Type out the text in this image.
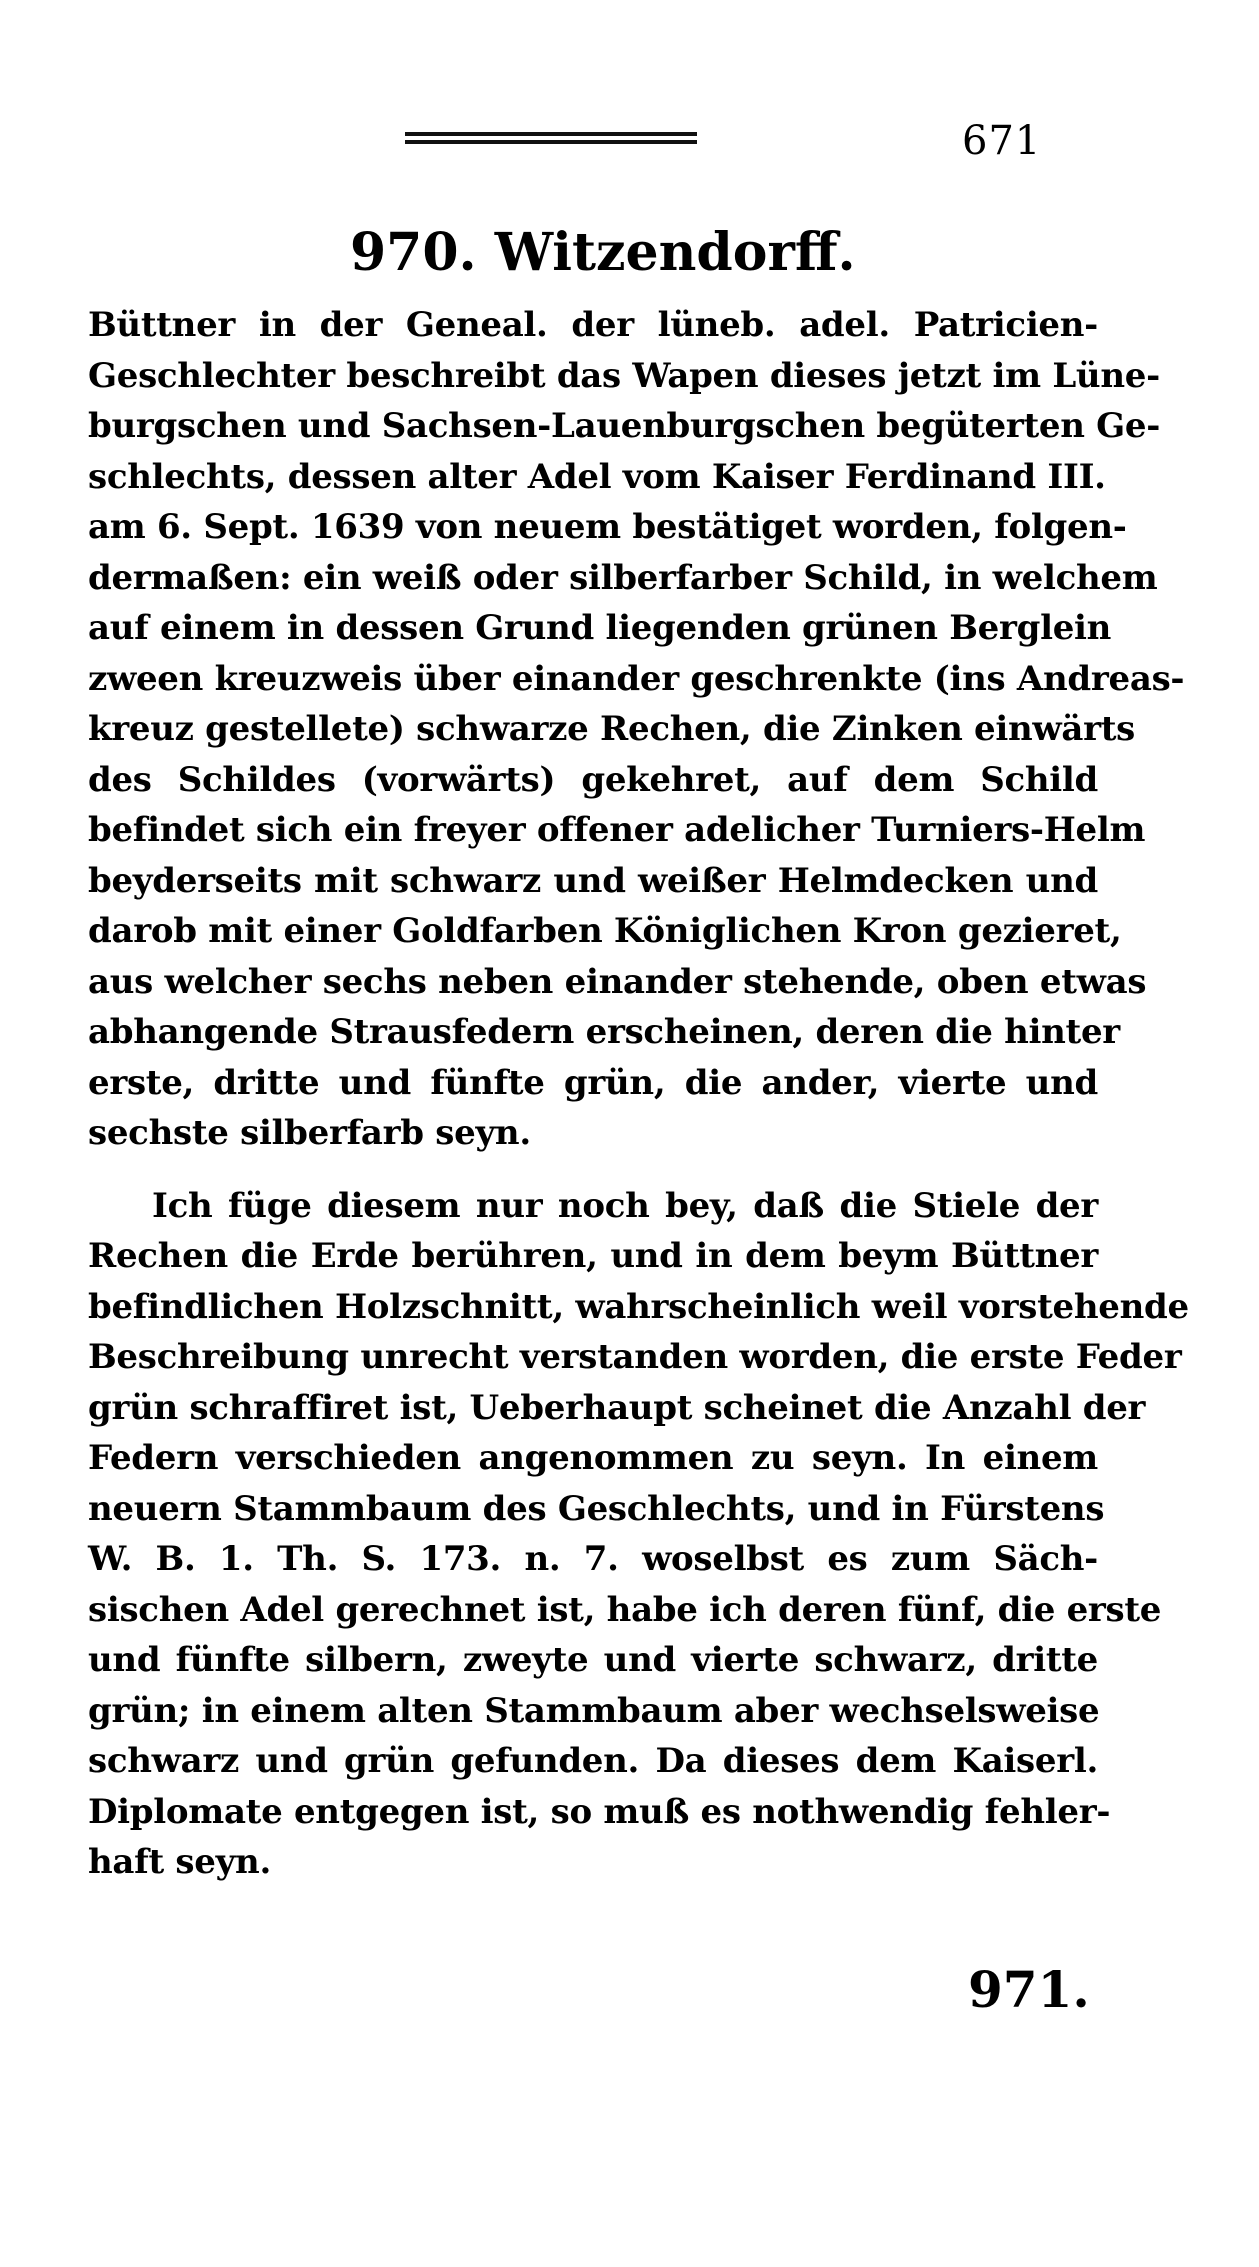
671
970. Witzendorff.
Büttner in der Geneal. der lüneb. adel. Patricien-
Geschlechter beschreibt das Wapen dieses jetzt im Lüne-
burgschen und Sachsen-Lauenburgschen begüterten Ge-
schlechts, dessen alter Adel vom Kaiser Ferdinand III.
am 6. Sept. 1639 von neuem bestätiget worden, folgen-
dermaßen: ein weiß oder silberfarber Schild, in welchem
auf einem in dessen Grund liegenden grünen Berglein
zween kreuzweis über einander geschrenkte (ins Andreas-
kreuz gestellete) schwarze Rechen, die Zinken einwärts
des Schildes (vorwärts) gekehret, auf dem Schild
befindet sich ein freyer offener adelicher Turniers-Helm
beyderseits mit schwarz und weißer Helmdecken und
darob mit einer Goldfarben Königlichen Kron gezieret,
aus welcher sechs neben einander stehende, oben etwas
abhangende Strausfedern erscheinen, deren die hinter
erste, dritte und fünfte grün, die ander, vierte und
sechste silberfarb seyn.
Ich füge diesem nur noch bey, daß die Stiele der
Rechen die Erde berühren, und in dem beym Büttner
befindlichen Holzschnitt, wahrscheinlich weil vorstehende
Beschreibung unrecht verstanden worden, die erste Feder
grün schraffiret ist, Ueberhaupt scheinet die Anzahl der
Federn verschieden angenommen zu seyn. In einem
neuern Stammbaum des Geschlechts, und in Fürstens
W. B. 1. Th. S. 173. n. 7. woselbst es zum Säch-
sischen Adel gerechnet ist, habe ich deren fünf, die erste
und fünfte silbern, zweyte und vierte schwarz, dritte
grün; in einem alten Stammbaum aber wechselsweise
schwarz und grün gefunden. Da dieses dem Kaiserl.
Diplomate entgegen ist, so muß es nothwendig fehler-
haft seyn.
971.
